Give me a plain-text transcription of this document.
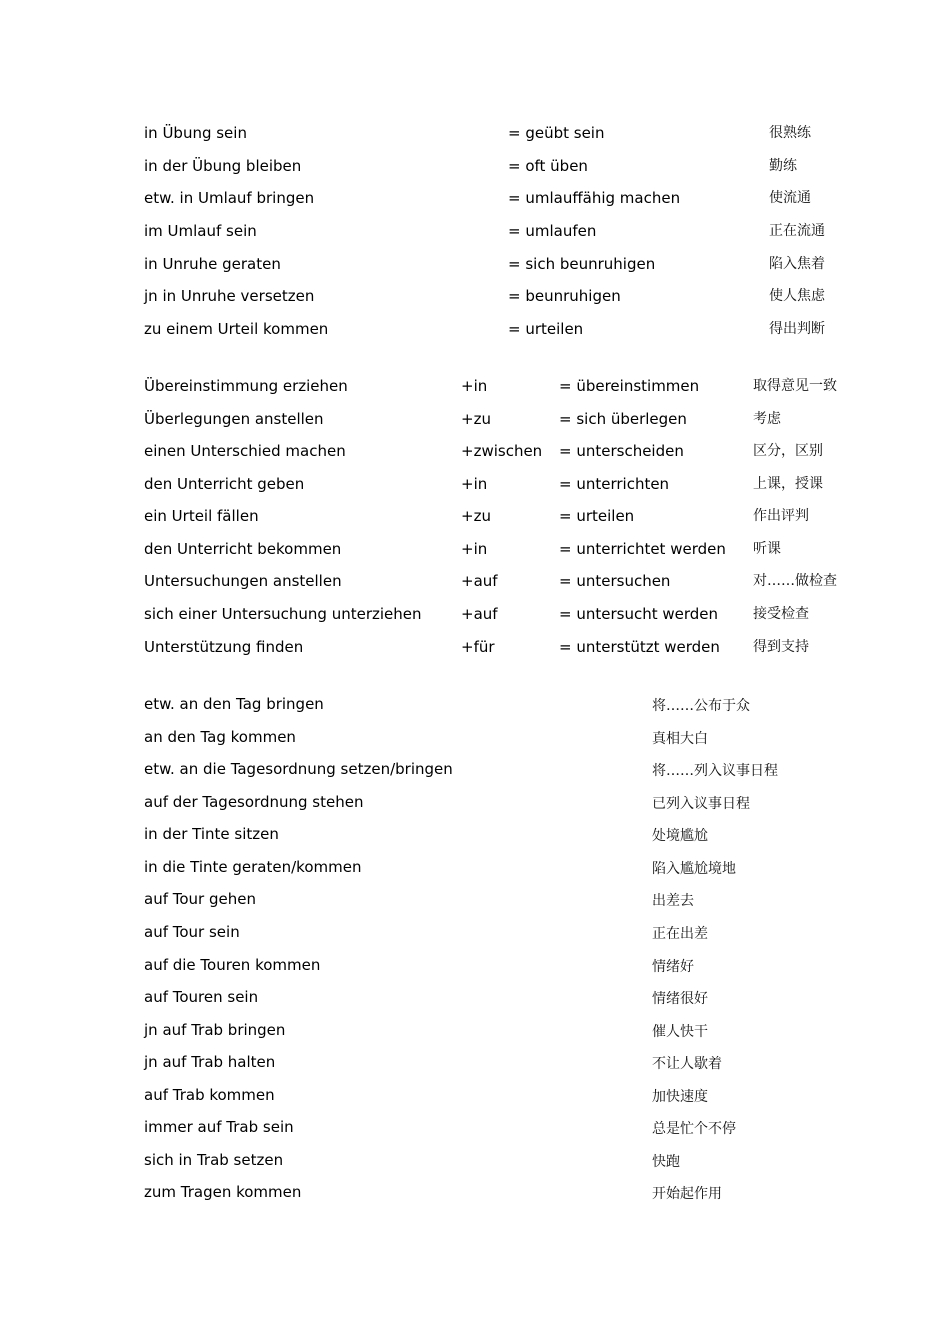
in Übung sein	= geübt sein	很熟练
in der Übung bleiben	= oft üben	勤练
etw. in Umlauf bringen	= umlauffähig machen	使流通
im Umlauf sein	= umlaufen	正在流通
in Unruhe geraten	= sich beunruhigen	陷入焦着
jn in Unruhe versetzen	= beunruhigen	使人焦虑
zu einem Urteil kommen	= urteilen	得出判断
Übereinstimmung erziehen	+in	= übereinstimmen	取得意见一致
Überlegungen anstellen	+zu	= sich überlegen	考虑
einen Unterschied machen	+zwischen = unterscheiden	区分，区别
den Unterricht geben	+in	= unterrichten	上课，授课
ein Urteil fällen	+zu	= urteilen	作出评判
den Unterricht bekommen	+in	= unterrichtet werden 听课
Untersuchungen anstellen	+auf	= untersuchen	对……做检查
sich einer Untersuchung unterziehen	+auf	= untersucht werden 接受检查
Unterstützung finden	+für	= unterstützt werden 得到支持
etw. an den Tag bringen	将……公布于众
an den Tag kommen	真相大白
etw. an die Tagesordnung setzen/bringen	将……列入议事日程
auf der Tagesordnung stehen	已列入议事日程
in der Tinte sitzen	处境尴尬
in die Tinte geraten/kommen	陷入尴尬境地
auf Tour gehen	出差去
auf Tour sein	正在出差
auf die Touren kommen	情绪好
auf Touren sein	情绪很好
jn auf Trab bringen	催人快干
jn auf Trab halten	不让人歇着
auf Trab kommen	加快速度
immer auf Trab sein	总是忙个不停
sich in Trab setzen	快跑
zum Tragen kommen	开始起作用
